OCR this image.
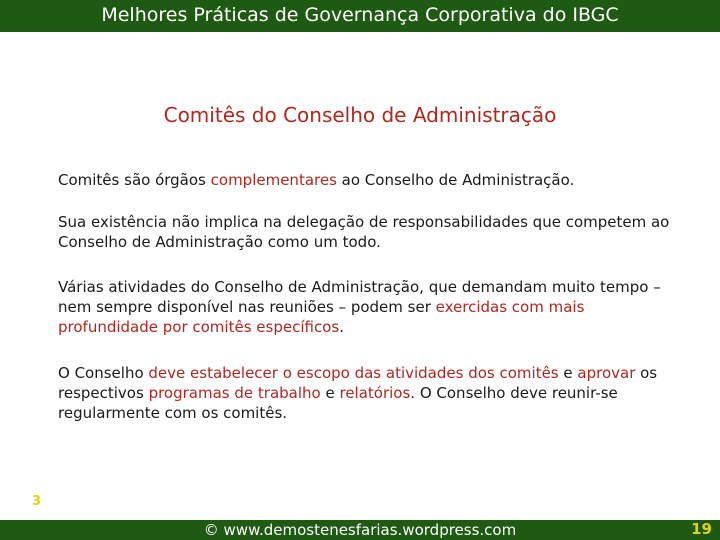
Melhores Práticas de Governança Corporativa do IBGC
Comitês do Conselho de Administração
Comitês são órgãos complementares ao Conselho de Administração.
Sua existência não implica na delegação de responsabilidades que competem ao Conselho de Administração como um todo.
Várias atividades do Conselho de Administração, que demandam muito tempo – nem sempre disponível nas reuniões – podem ser exercidas com mais profundidade por comitês específicos.
O Conselho deve estabelecer o escopo das atividades dos comitês e aprovar os respectivos programas de trabalho e relatórios. O Conselho deve reunir-se regularmente com os comitês.
3
© www.demostenesfarias.wordpress.com	19
